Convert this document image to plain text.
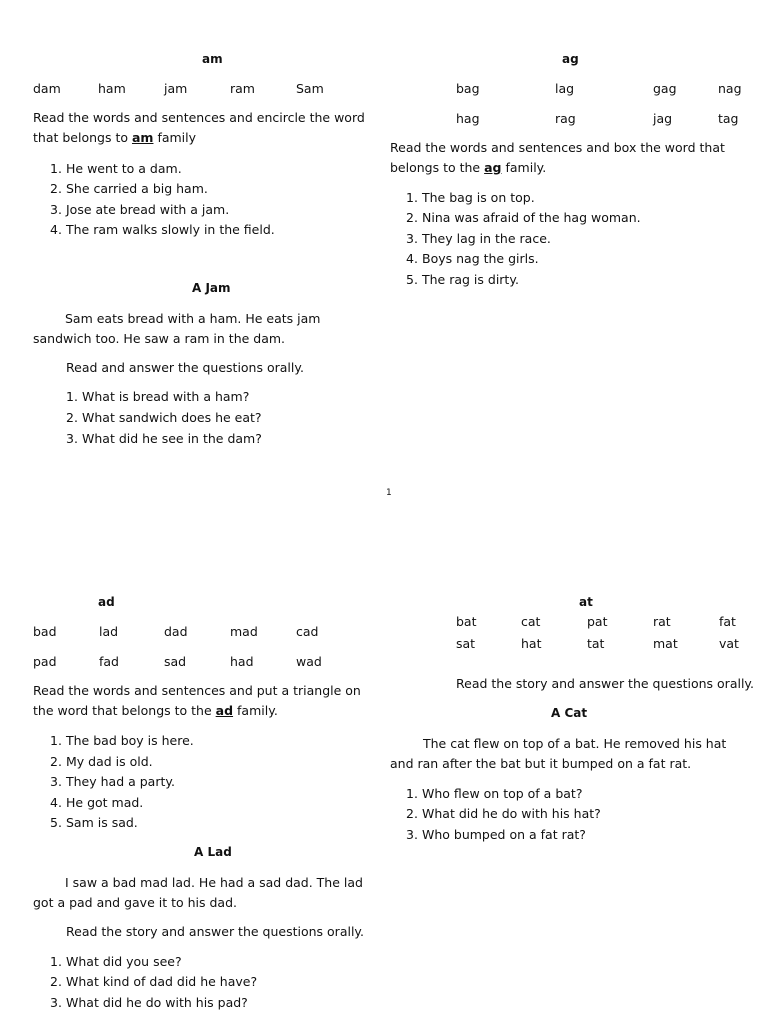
am
dam	ham	jam	ram	Sam
Read the words and sentences and encircle the word that belongs to am family
1. He went to a dam.
2. She carried a big ham.
3. Jose ate bread with a jam.
4. The ram walks slowly in the field.
A Jam
Sam eats bread with a ham. He eats jam sandwich too. He saw a ram in the dam.
Read and answer the questions orally.
1. What is bread with a ham?
2. What sandwich does he eat?
3. What did he see in the dam?
ag
bag	lag	gag	nag
hag	rag	jag	tag
Read the words and sentences and box the word that belongs to the ag family.
1. The bag is on top.
2. Nina was afraid of the hag woman.
3. They lag in the race.
4. Boys nag the girls.
5. The rag is dirty.
1
ad
bad	lad	dad	mad	cad
pad	fad	sad	had	wad
Read the words and sentences and put a triangle on the word that belongs to the ad family.
1. The bad boy is here.
2. My dad is old.
3. They had a party.
4. He got mad.
5. Sam is sad.
A Lad
I saw a bad mad lad. He had a sad dad. The lad got a pad and gave it to his dad.
Read the story and answer the questions orally.
1. What did you see?
2. What kind of dad did he have?
3. What did he do with his pad?
at
bat	cat	pat	rat	fat
sat	hat	tat	mat	vat
Read the story and answer the questions orally.
A Cat
The cat flew on top of a bat. He removed his hat and ran after the bat but it bumped on a fat rat.
1. Who flew on top of a bat?
2. What did he do with his hat?
3. Who bumped on a fat rat?
